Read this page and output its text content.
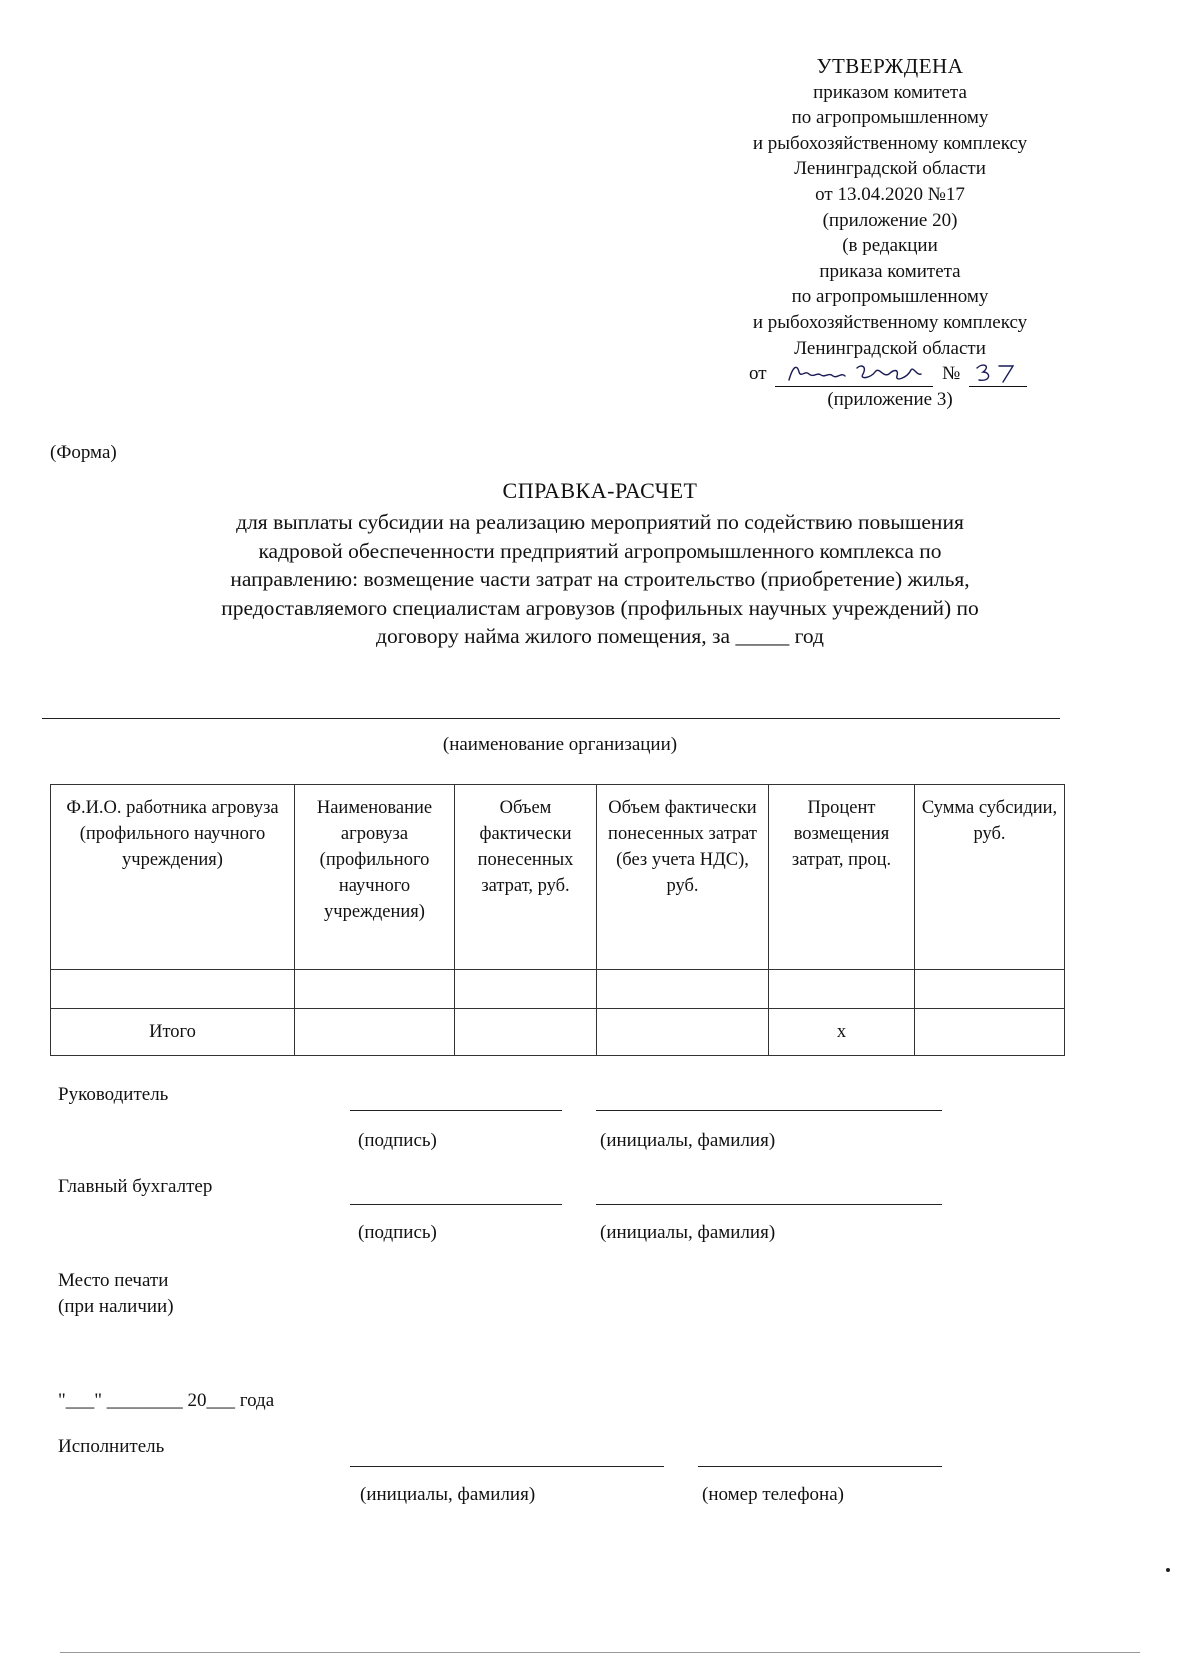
УТВЕРЖДЕНА
приказом комитета
по агропромышленному
и рыбохозяйственному комплексу
Ленинградской области
от 13.04.2020 №17
(приложение 20)
(в редакции
приказа комитета
по агропромышленному
и рыбохозяйственному комплексу
Ленинградской области
от	№
(приложение 3)
(Форма)
СПРАВКА-РАСЧЕТ
для выплаты субсидии на реализацию мероприятий по содействию повышения
кадровой обеспеченности предприятий агропромышленного комплекса по
направлению: возмещение части затрат на строительство (приобретение) жилья,
предоставляемого специалистам агровузов (профильных научных учреждений) по
договору найма жилого помещения, за _____ год
(наименование организации)
Ф.И.О. работника агровуза (профильного научного учреждения)	Наименование агровуза (профильного научного учреждения)	Объем фактически понесенных затрат, руб.	Объем фактически понесенных затрат (без учета НДС), руб.	Процент возмещения затрат, проц.	Сумма субсидии, руб.

Итого				х	
Руководитель
(подпись)	(инициалы, фамилия)
Главный бухгалтер
(подпись)	(инициалы, фамилия)
Место печати
(при наличии)
"___" ________ 20___ года
Исполнитель
(инициалы, фамилия)	(номер телефона)
